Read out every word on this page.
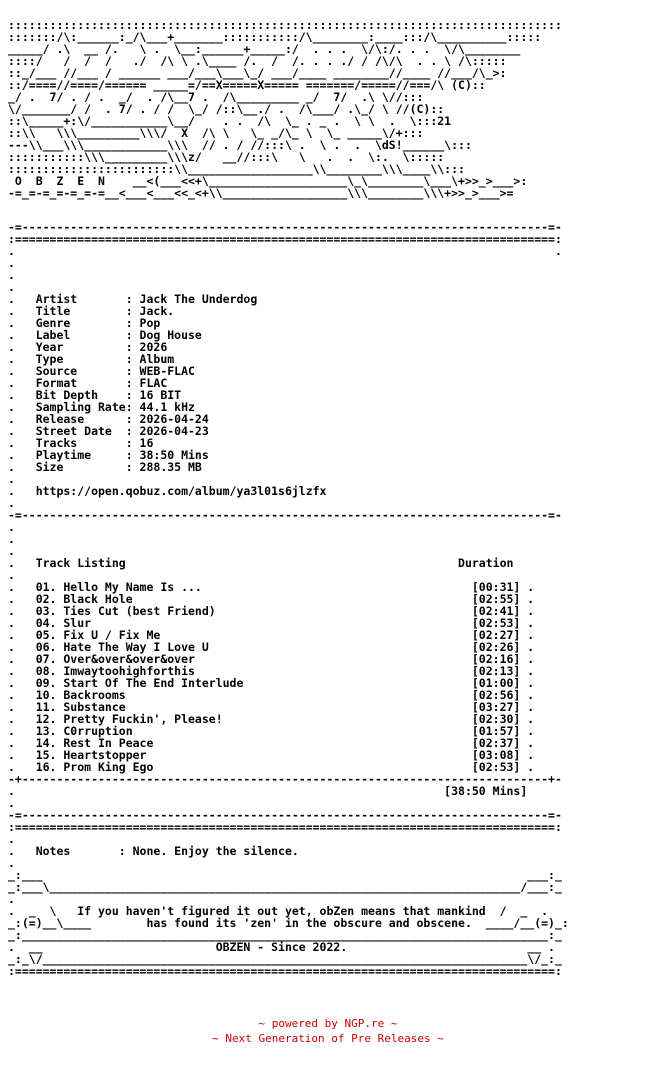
::::::::::::::::::::::::::::::::::::::::::::::::::::::::::::::::::::::::::::::::
:::::::/\:______:_/\___+_______:::::::::::/\________:____:::/\__________:::::
_____/ .\  __ /.   \ .  \__:______+_____:/  . . .  \/\:/. . .  \/\________
::::/   /  /  /   ./  /\ \ .\____ /.  /  /. . . ./ / /\/\  . . \ /\:::::
::_/___ //___ / ______ ___/___\___\_/ ___/____ ________//____ //___/\_>:
::/====//====/====== _____=/==X=====X===== =======/=====//===/\ (C)::
_/ .  7/ . / .  _/  . /\__7 .  /\_________ _/  7/  .\ \//:::
\/_______/ /  . 7/ . / /  \_/ /::\__./ .  /\___/ .\_/ \ //(C)::
::\_____+:\/___________\__/    . .  /\  \_ . _ .  \ \  .  \:::21
::\\   \\\_________\\\/  X  /\ \   \_ _/\_ \  \_ _____\/+:::
---\\___\\\____________\\\  // . / //:::\ .  \ .  .  \dS!______\:::
:::::::::::\\\_________\\\z/   __//:::\   \   .  .  \:.  \:::::
::::::::::::::::::::::::\\__________________\\________\\\____\\:::
O  B  Z  E  N    __<(___<<+\____________________\_\________\___\+>>_>___>:
-=_=-=_=-=_=-=__<___<___<<_<+\\__________________\\\________\\\+>>_>___>=
-=----------------------------------------------------------------------------=-
:==============================================================================:
.                                                                              .
.
.
.
.   Artist       : Jack The Underdog
.   Title        : Jack.
.   Genre        : Pop
.   Label        : Dog House
.   Year         : 2026
.   Type         : Album
.   Source       : WEB-FLAC
.   Format       : FLAC
.   Bit Depth    : 16 BIT
.   Sampling Rate: 44.1 kHz
.   Release      : 2026-04-24
.   Street Date  : 2026-04-23
.   Tracks       : 16
.   Playtime     : 38:50 Mins
.   Size         : 288.35 MB
.
.   https://open.qobuz.com/album/ya3l01s6jlzfx
.
-=----------------------------------------------------------------------------=-
.
.
.
.   Track Listing                                                Duration
.
.   01. Hello My Name Is ...                                       [00:31] .
.   02. Black Hole                                                 [02:55] .
.   03. Ties Cut (best Friend)                                     [02:41] .
.   04. Slur                                                       [02:53] .
.   05. Fix U / Fix Me                                             [02:27] .
.   06. Hate The Way I Love U                                      [02:26] .
.   07. Over&over&over&over                                        [02:16] .
.   08. Imwaytoohighforthis                                        [02:13] .
.   09. Start Of The End Interlude                                 [01:00] .
.   10. Backrooms                                                  [02:56] .
.   11. Substance                                                  [03:27] .
.   12. Pretty Fuckin', Please!                                    [02:30] .
.   13. C0rruption                                                 [01:57] .
.   14. Rest In Peace                                              [02:37] .
.   15. Heartstopper                                               [03:08] .
.   16. Prom King Ego                                              [02:53] .
-+----------------------------------------------------------------------------+-
.                                                              [38:50 Mins]
.
-=----------------------------------------------------------------------------=-
:==============================================================================:
.
.   Notes       : None. Enjoy the silence.
.
_:___                                                                      ___:_
_:___\____________________________________________________________________/___:_
.
.  _  \   If you haven't figured it out yet, obZen means that mankind  /  _  .
_:(=)__\____        has found its 'zen' in the obscure and obscene.  ____/__(=)_:
_:____________________________________________________________________________:_
.  __                         OBZEN - Since 2022.                          __ .
_:_\/______________________________________________________________________\/_:_
:==============================================================================:
~ powered by NGP.re ~
~ Next Generation of Pre Releases ~
